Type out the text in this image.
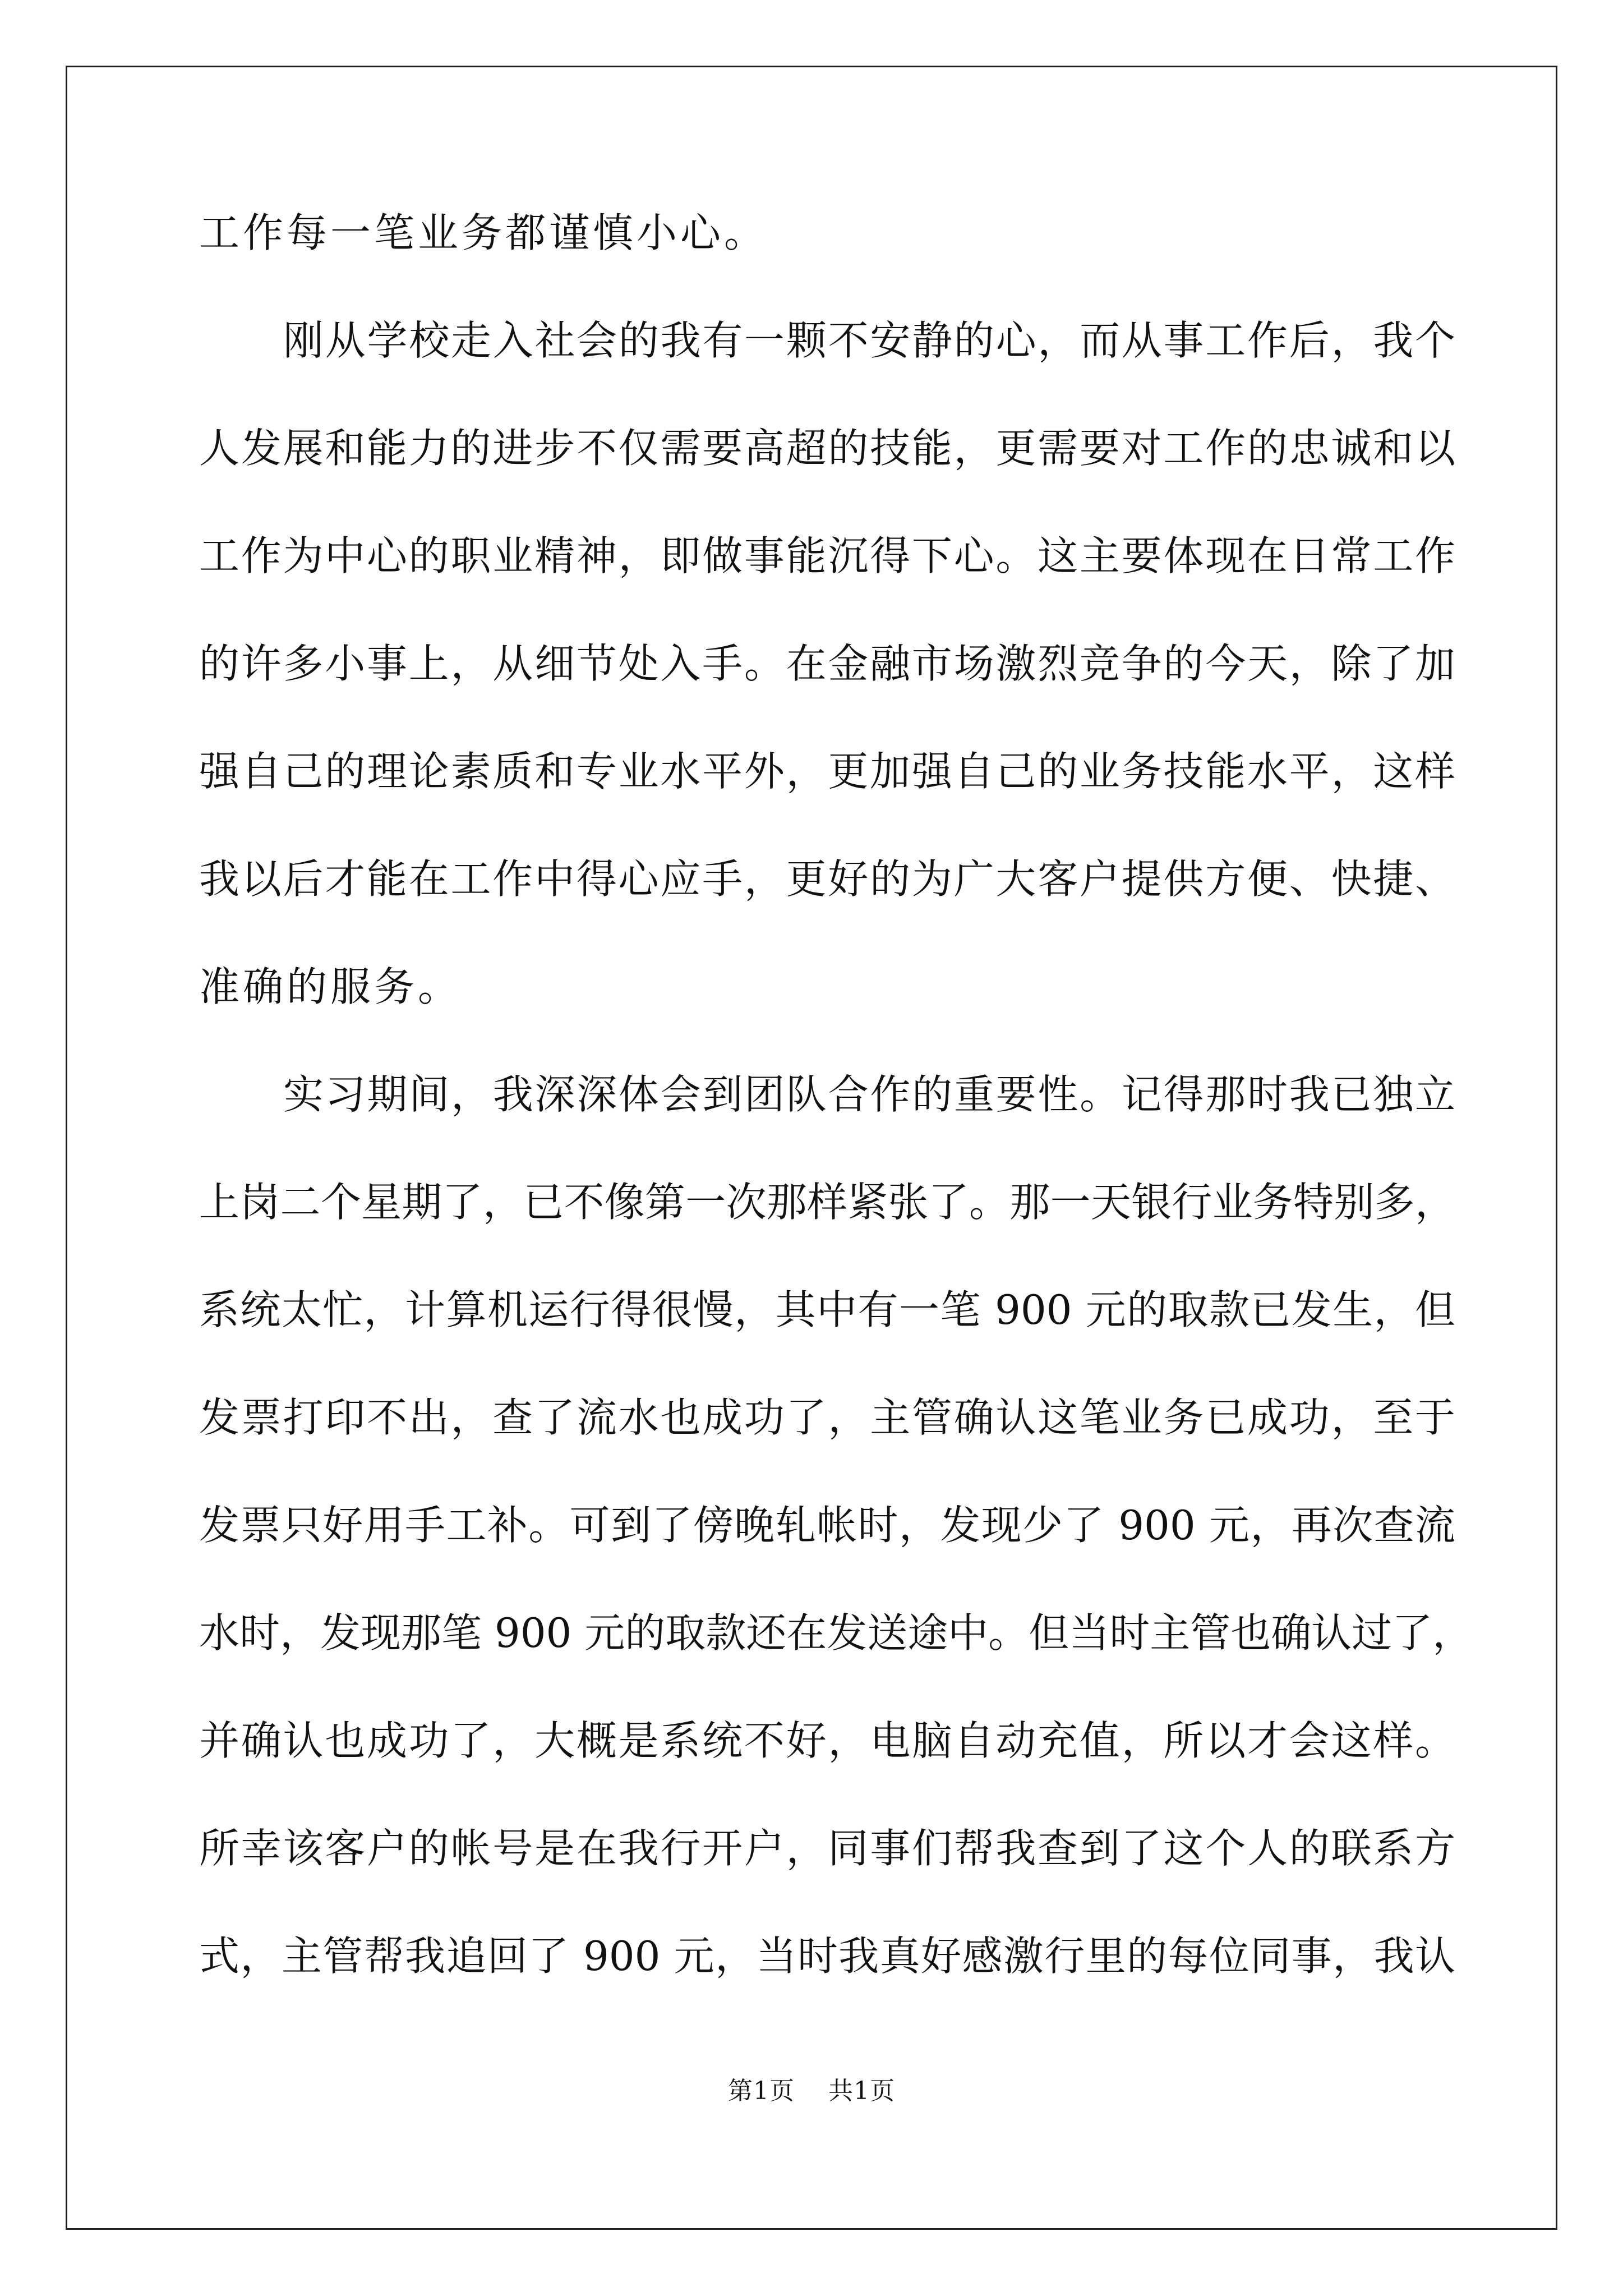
工作每一笔业务都谨慎小心。
刚从学校走入社会的我有一颗不安静的心，而从事工作后，我个
人发展和能力的进步不仅需要高超的技能，更需要对工作的忠诚和以
工作为中心的职业精神，即做事能沉得下心。这主要体现在日常工作
的许多小事上，从细节处入手。在金融市场激烈竞争的今天，除了加
强自己的理论素质和专业水平外，更加强自己的业务技能水平，这样
我以后才能在工作中得心应手，更好的为广大客户提供方便、快捷、
准确的服务。
实习期间，我深深体会到团队合作的重要性。记得那时我已独立
上岗二个星期了，已不像第一次那样紧张了。那一天银行业务特别多，
系统太忙，计算机运行得很慢，其中有一笔 900 元的取款已发生，但
发票打印不出，查了流水也成功了，主管确认这笔业务已成功，至于
发票只好用手工补。可到了傍晚轧帐时，发现少了 900 元，再次查流
水时，发现那笔 900 元的取款还在发送途中。但当时主管也确认过了，
并确认也成功了，大概是系统不好，电脑自动充值，所以才会这样。
所幸该客户的帐号是在我行开户，同事们帮我查到了这个人的联系方
式，主管帮我追回了 900 元，当时我真好感激行里的每位同事，我认
第1页 共1页
